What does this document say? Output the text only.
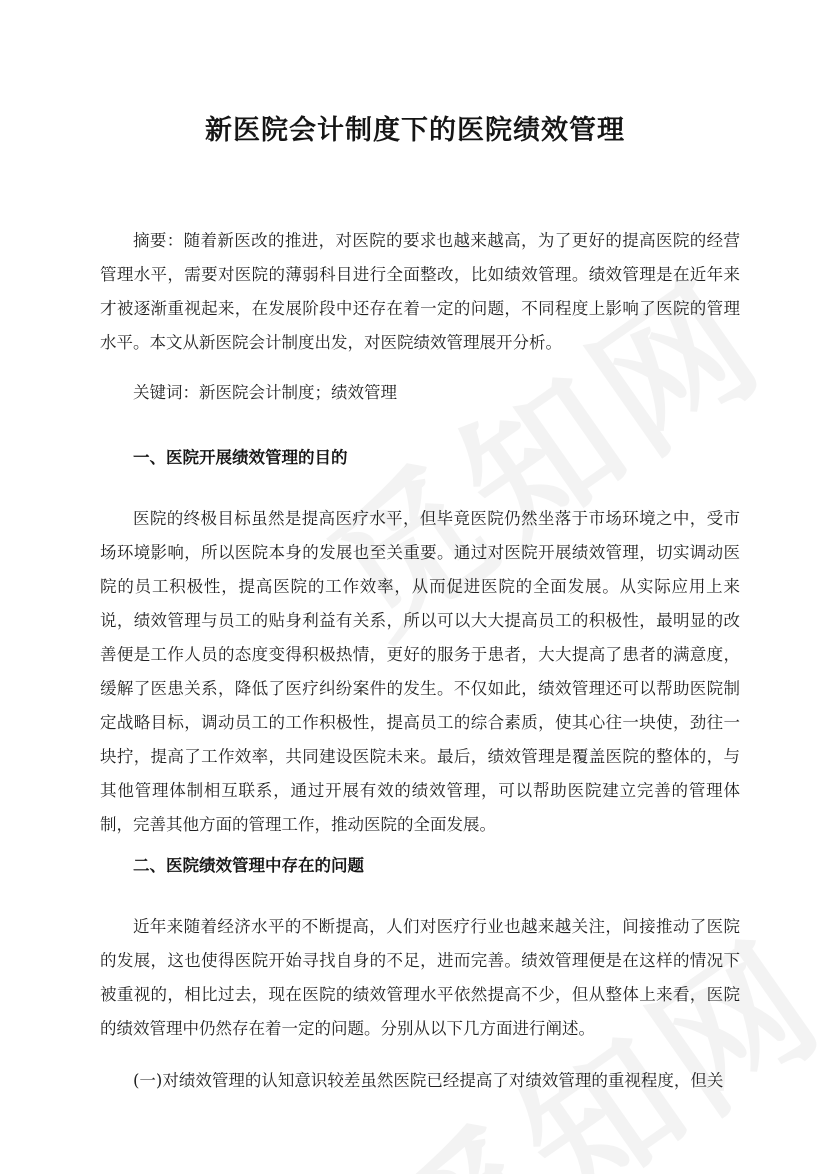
新医院会计制度下的医院绩效管理

摘要：随着新医改的推进，对医院的要求也越来越高，为了更好的提高医院的经营管理水平，需要对医院的薄弱科目进行全面整改，比如绩效管理。绩效管理是在近年来才被逐渐重视起来，在发展阶段中还存在着一定的问题，不同程度上影响了医院的管理水平。本文从新医院会计制度出发，对医院绩效管理展开分析。

关键词：新医院会计制度；绩效管理

一、医院开展绩效管理的目的

医院的终极目标虽然是提高医疗水平，但毕竟医院仍然坐落于市场环境之中，受市场环境影响，所以医院本身的发展也至关重要。通过对医院开展绩效管理，切实调动医院的员工积极性，提高医院的工作效率，从而促进医院的全面发展。从实际应用上来说，绩效管理与员工的贴身利益有关系，所以可以大大提高员工的积极性，最明显的改善便是工作人员的态度变得积极热情，更好的服务于患者，大大提高了患者的满意度，缓解了医患关系，降低了医疗纠纷案件的发生。不仅如此，绩效管理还可以帮助医院制定战略目标，调动员工的工作积极性，提高员工的综合素质，使其心往一块使，劲往一块拧，提高了工作效率，共同建设医院未来。最后，绩效管理是覆盖医院的整体的，与其他管理体制相互联系，通过开展有效的绩效管理，可以帮助医院建立完善的管理体制，完善其他方面的管理工作，推动医院的全面发展。

二、医院绩效管理中存在的问题

近年来随着经济水平的不断提高，人们对医疗行业也越来越关注，间接推动了医院的发展，这也使得医院开始寻找自身的不足，进而完善。绩效管理便是在这样的情况下被重视的，相比过去，现在医院的绩效管理水平依然提高不少，但从整体上来看，医院的绩效管理中仍然存在着一定的问题。分别从以下几方面进行阐述。

(一)对绩效管理的认知意识较差虽然医院已经提高了对绩效管理的重视程度，但关
